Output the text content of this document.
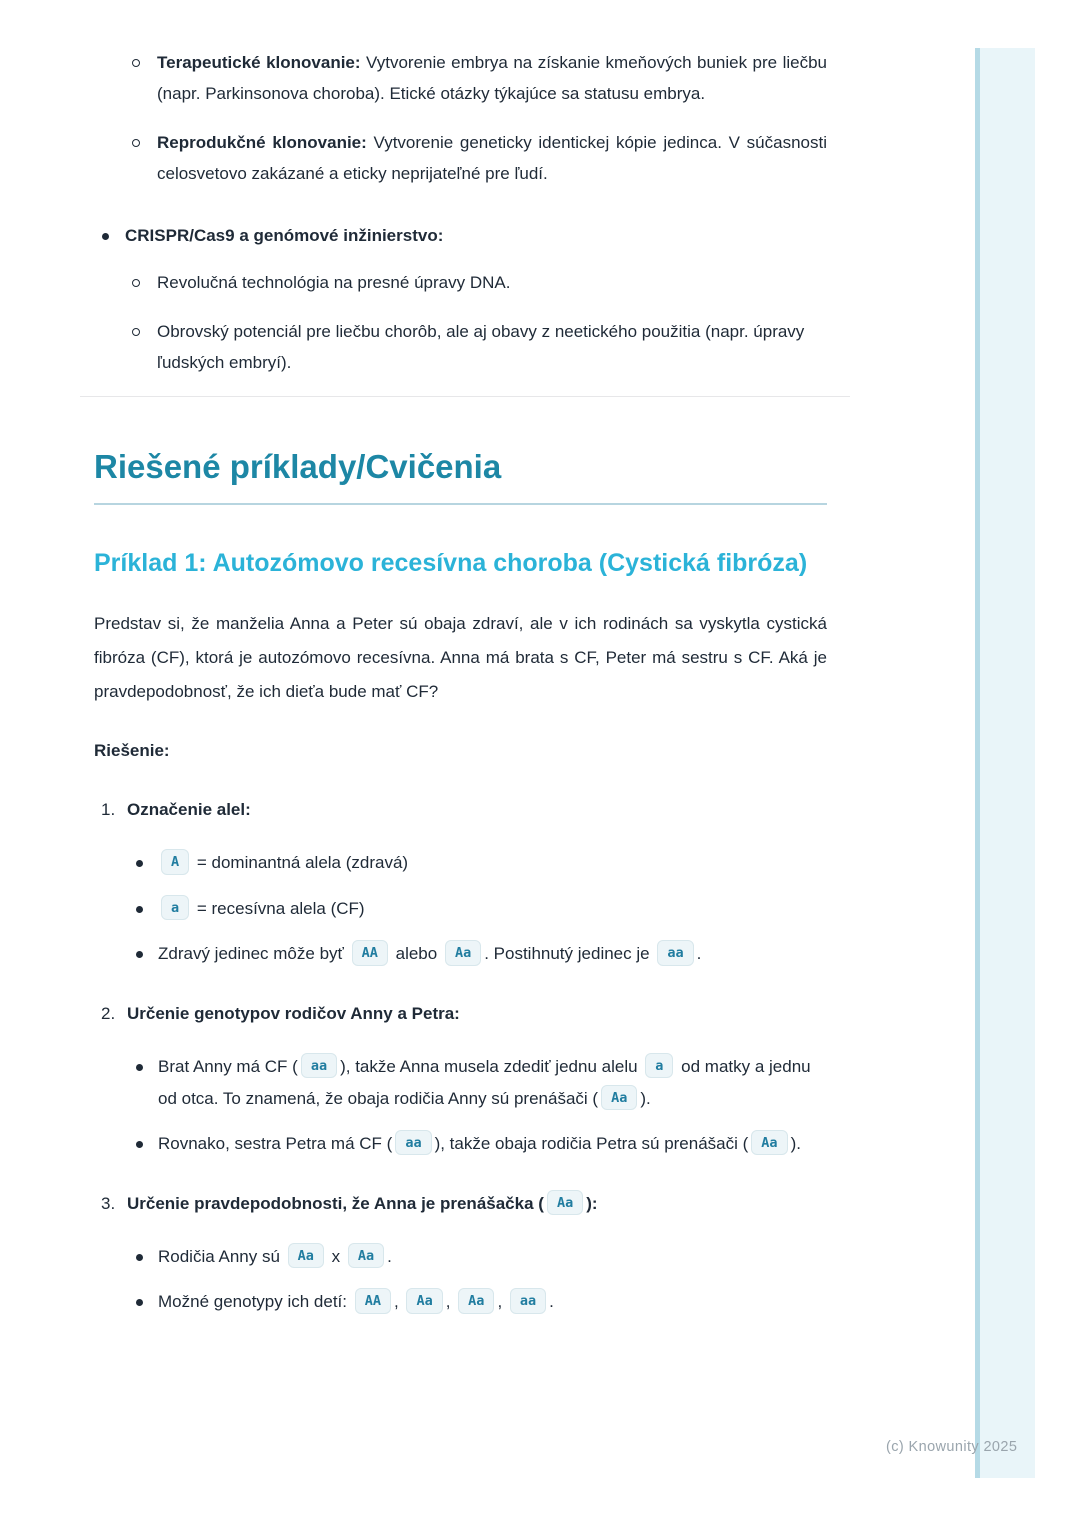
(c) Knowunity 2025
Terapeutické klonovanie: Vytvorenie embrya na získanie kmeňových buniek pre liečbu (napr. Parkinsonova choroba). Etické otázky týkajúce sa statusu embrya.
Reprodukčné klonovanie: Vytvorenie geneticky identickej kópie jedinca. V súčasnosti celosvetovo zakázané a eticky neprijateľné pre ľudí.
CRISPR/Cas9 a genómové inžinierstvo:
Revolučná technológia na presné úpravy DNA.
Obrovský potenciál pre liečbu chorôb, ale aj obavy z neetického použitia (napr. úpravy ľudských embryí).
Riešené príklady/Cvičenia
Príklad 1: Autozómovo recesívna choroba (Cystická fibróza)

Predstav si, že manželia Anna a Peter sú obaja zdraví, ale v ich rodinách sa vyskytla cystická fibróza (CF), ktorá je autozómovo recesívna. Anna má brata s CF, Peter má sestru s CF. Aká je pravdepodobnosť, že ich dieťa bude mať CF?

Riešenie:

1. Označenie alel:
A = dominantná alela (zdravá)
a = recesívna alela (CF)
Zdravý jedinec môže byť AA alebo Aa . Postihnutý jedinec je aa .
2. Určenie genotypov rodičov Anny a Petra:
Brat Anny má CF ( aa ), takže Anna musela zdediť jednu alelu a od matky a jednu od otca. To znamená, že obaja rodičia Anny sú prenášači ( Aa ).
Rovnako, sestra Petra má CF ( aa ), takže obaja rodičia Petra sú prenášači ( Aa ).
3. Určenie pravdepodobnosti, že Anna je prenášačka ( Aa ):
Rodičia Anny sú Aa x Aa .
Možné genotypy ich detí: AA , Aa , Aa , aa .
